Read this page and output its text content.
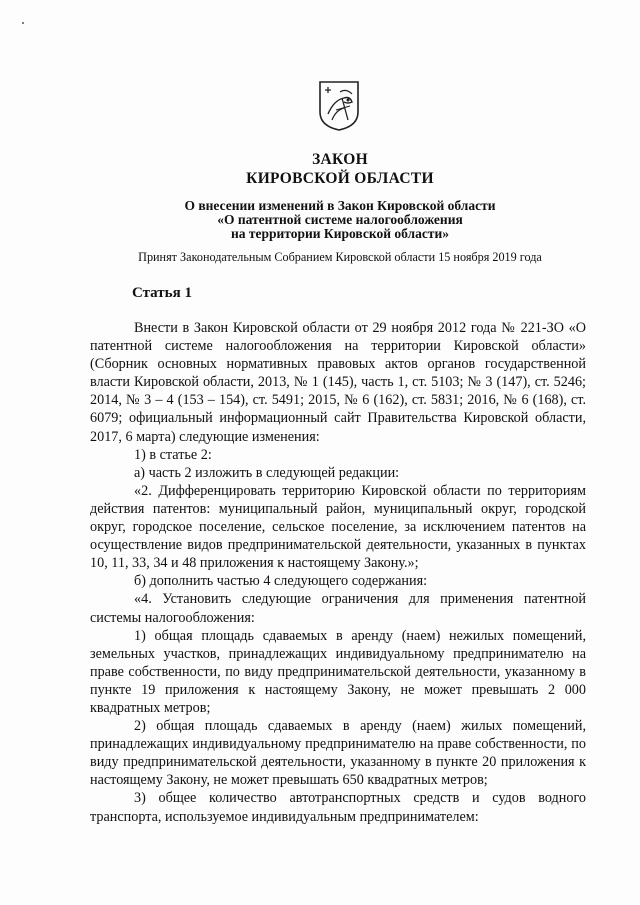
ЗАКОН
КИРОВСКОЙ ОБЛАСТИ
О внесении изменений в Закон Кировской области
«О патентной системе налогообложения
на территории Кировской области»
Принят Законодательным Собранием Кировской области 15 ноября 2019 года
Статья 1

Внести в Закон Кировской области от 29 ноября 2012 года № 221-ЗО «О патентной системе налогообложения на территории Кировской области» (Сборник основных нормативных правовых актов органов государственной власти Кировской области, 2013, № 1 (145), часть 1, ст. 5103; № 3 (147), ст. 5246; 2014, № 3 – 4 (153 – 154), ст. 5491; 2015, № 6 (162), ст. 5831; 2016, № 6 (168), ст. 6079; официальный информационный сайт Правительства Кировской области, 2017, 6 марта) следующие изменения:

1) в статье 2:

а) часть 2 изложить в следующей редакции:

«2. Дифференцировать территорию Кировской области по территориям действия патентов: муниципальный район, муниципальный округ, городской округ, городское поселение, сельское поселение, за исключением патентов на осуществление видов предпринимательской деятельности, указанных в пунктах 10, 11, 33, 34 и 48 приложения к настоящему Закону.»;

б) дополнить частью 4 следующего содержания:

«4. Установить следующие ограничения для применения патентной системы налогообложения:

1) общая площадь сдаваемых в аренду (наем) нежилых помещений, земельных участков, принадлежащих индивидуальному предпринимателю на праве собственности, по виду предпринимательской деятельности, указанному в пункте 19 приложения к настоящему Закону, не может превышать 2 000 квадратных метров;

2) общая площадь сдаваемых в аренду (наем) жилых помещений, принадлежащих индивидуальному предпринимателю на праве собственности, по виду предпринимательской деятельности, указанному в пункте 20 приложения к настоящему Закону, не может превышать 650 квадратных метров;

3) общее количество автотранспортных средств и судов водного транспорта, используемое индивидуальным предпринимателем:
